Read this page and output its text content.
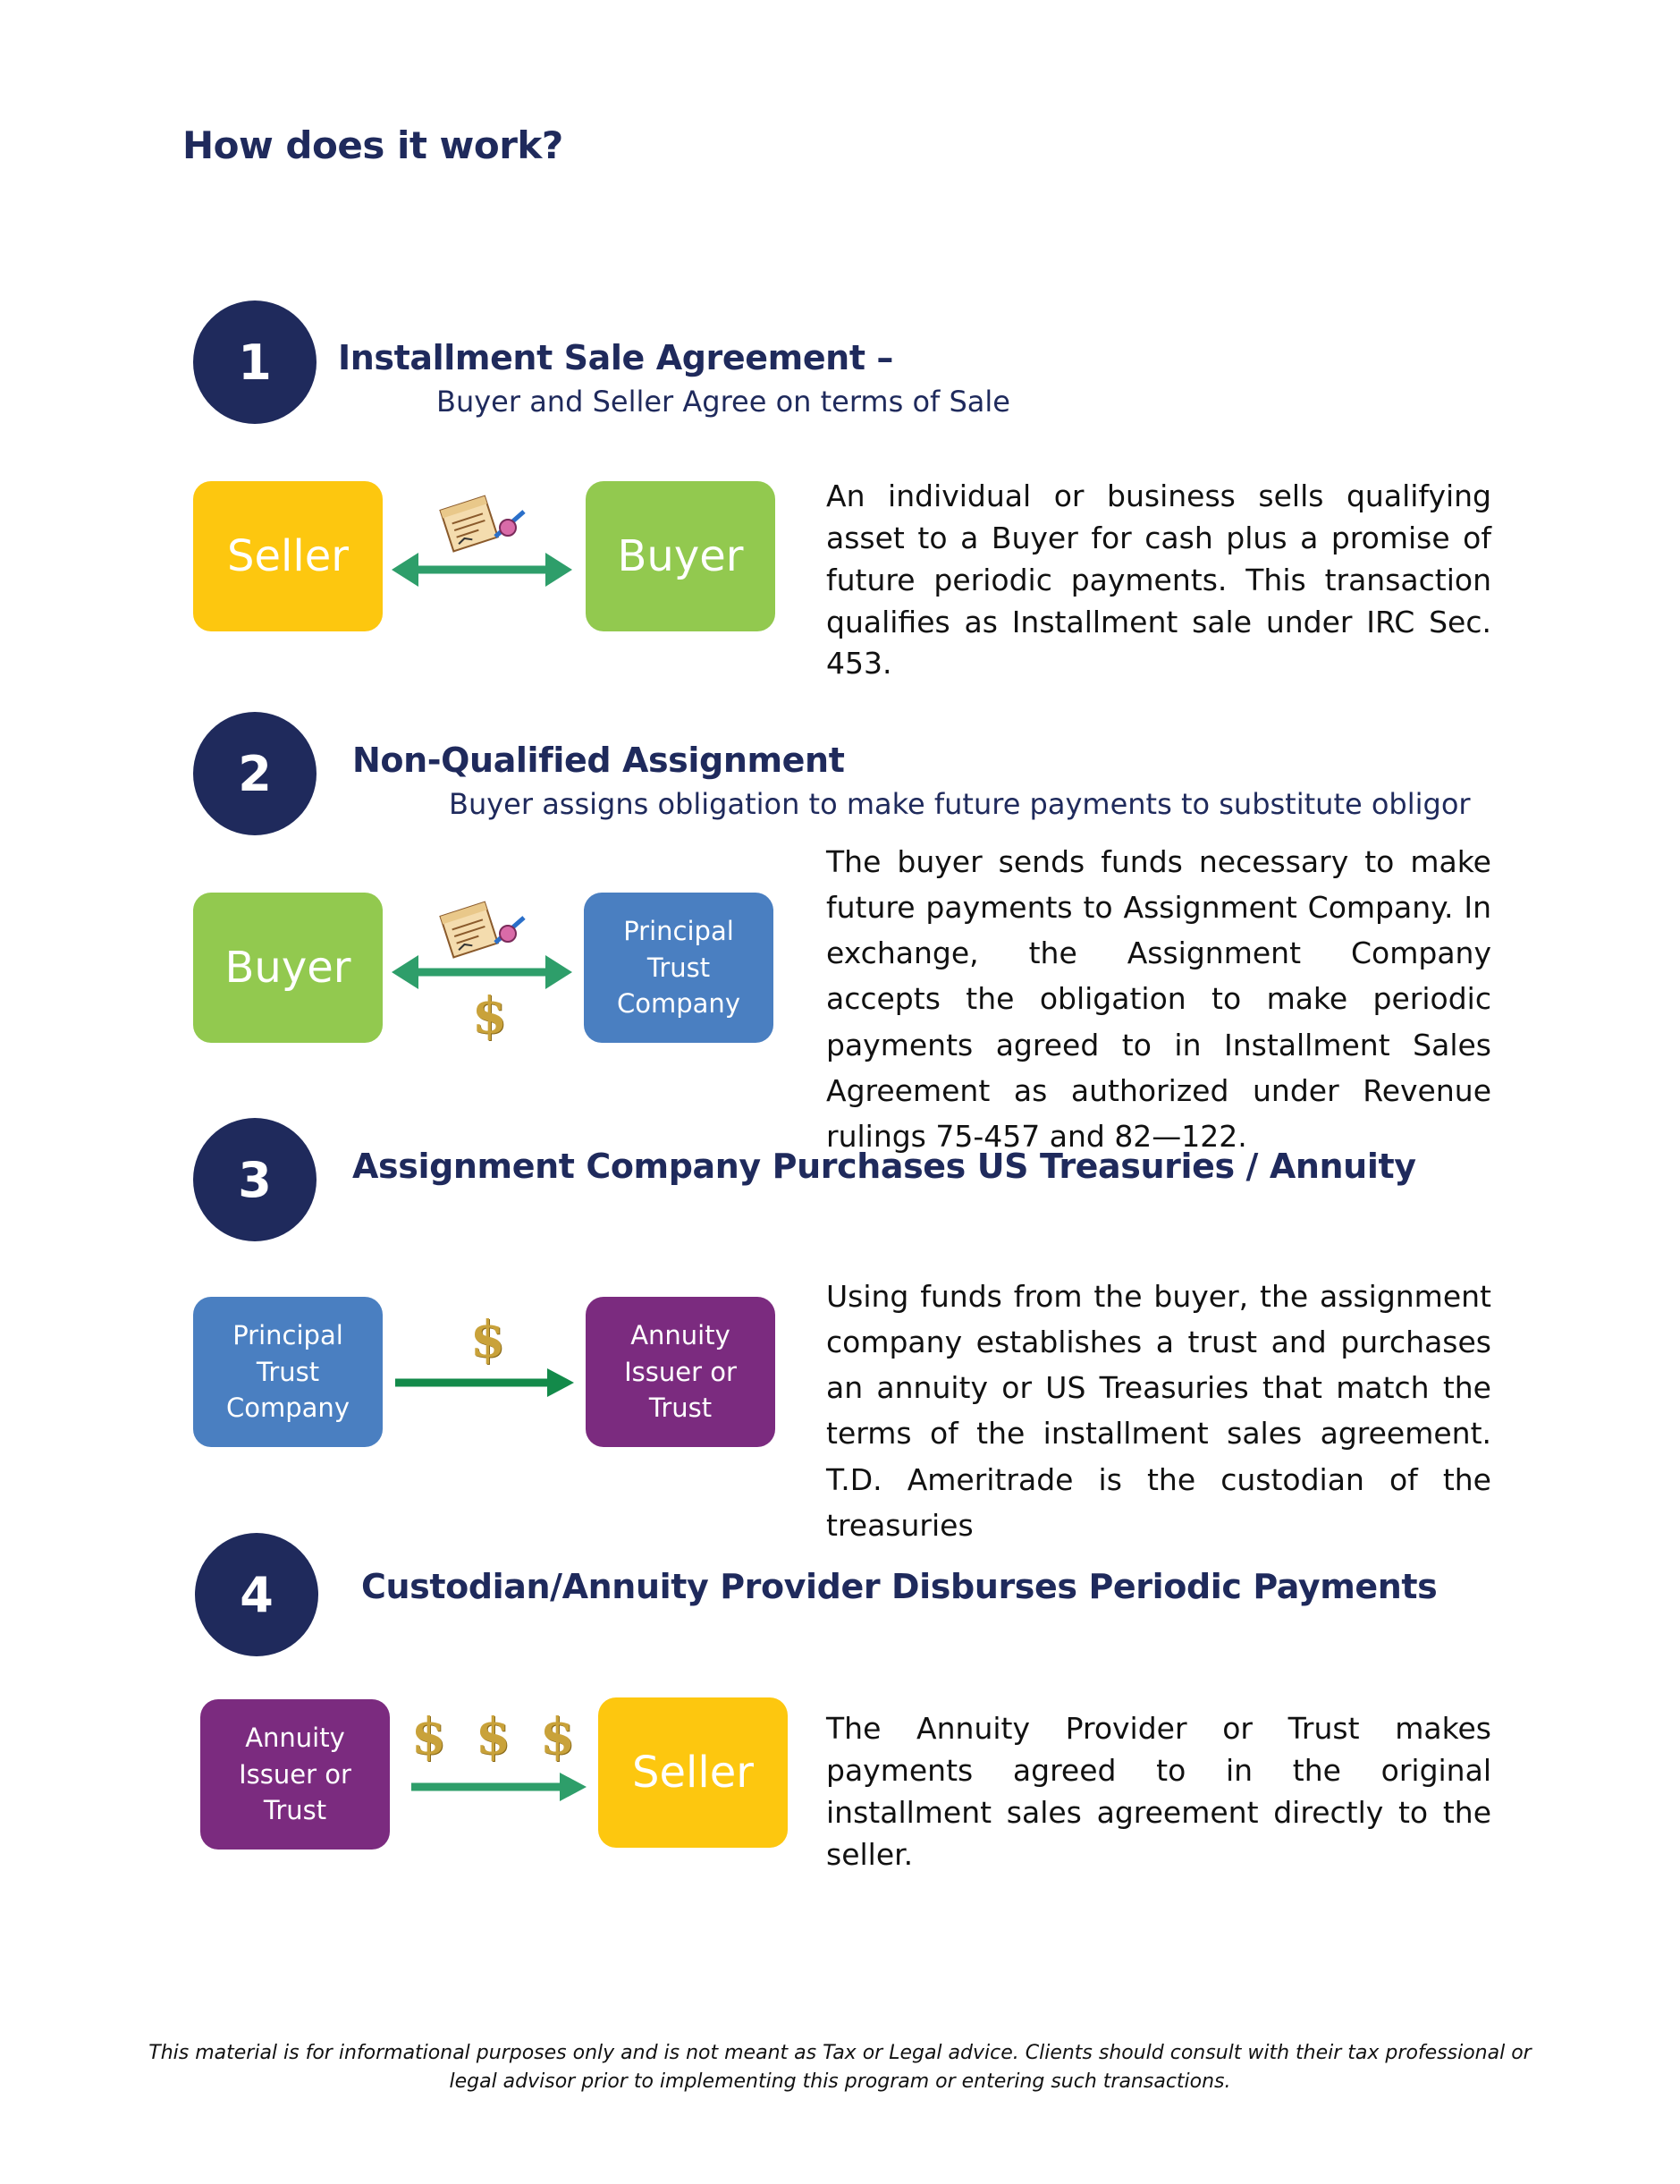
How does it work?
1	Installment Sale Agreement –
Buyer and Seller Agree on terms of Sale
Seller	Buyer
An individual or business sells qualifying asset to a Buyer for cash plus a promise of future periodic payments. This transaction qualifies as Installment sale under IRC Sec. 453.
2	Non-Qualified Assignment
Buyer assigns obligation to make future payments to substitute obligor
Buyer
Principal Trust Company
$
The buyer sends funds necessary to make future payments to Assignment Company. In exchange, the Assignment Company accepts the obligation to make periodic payments agreed to in Installment Sales Agreement as authorized under Revenue rulings 75-457 and 82—122.
3	Assignment Company Purchases US Treasuries / Annuity
Principal Trust Company
Annuity Issuer or Trust
$
Using funds from the buyer, the assignment company establishes a trust and purchases an annuity or US Treasuries that match the terms of the installment sales agreement. T.D. Ameritrade is the custodian of the treasuries
4	Custodian/Annuity Provider Disburses Periodic Payments
Annuity Issuer or Trust
Seller
$ $ $	The Annuity Provider or Trust makes payments agreed to in the original installment sales agreement directly to the seller.
This material is for informational purposes only and is not meant as Tax or Legal advice. Clients should consult with their tax professional or legal advisor prior to implementing this program or entering such transactions.
